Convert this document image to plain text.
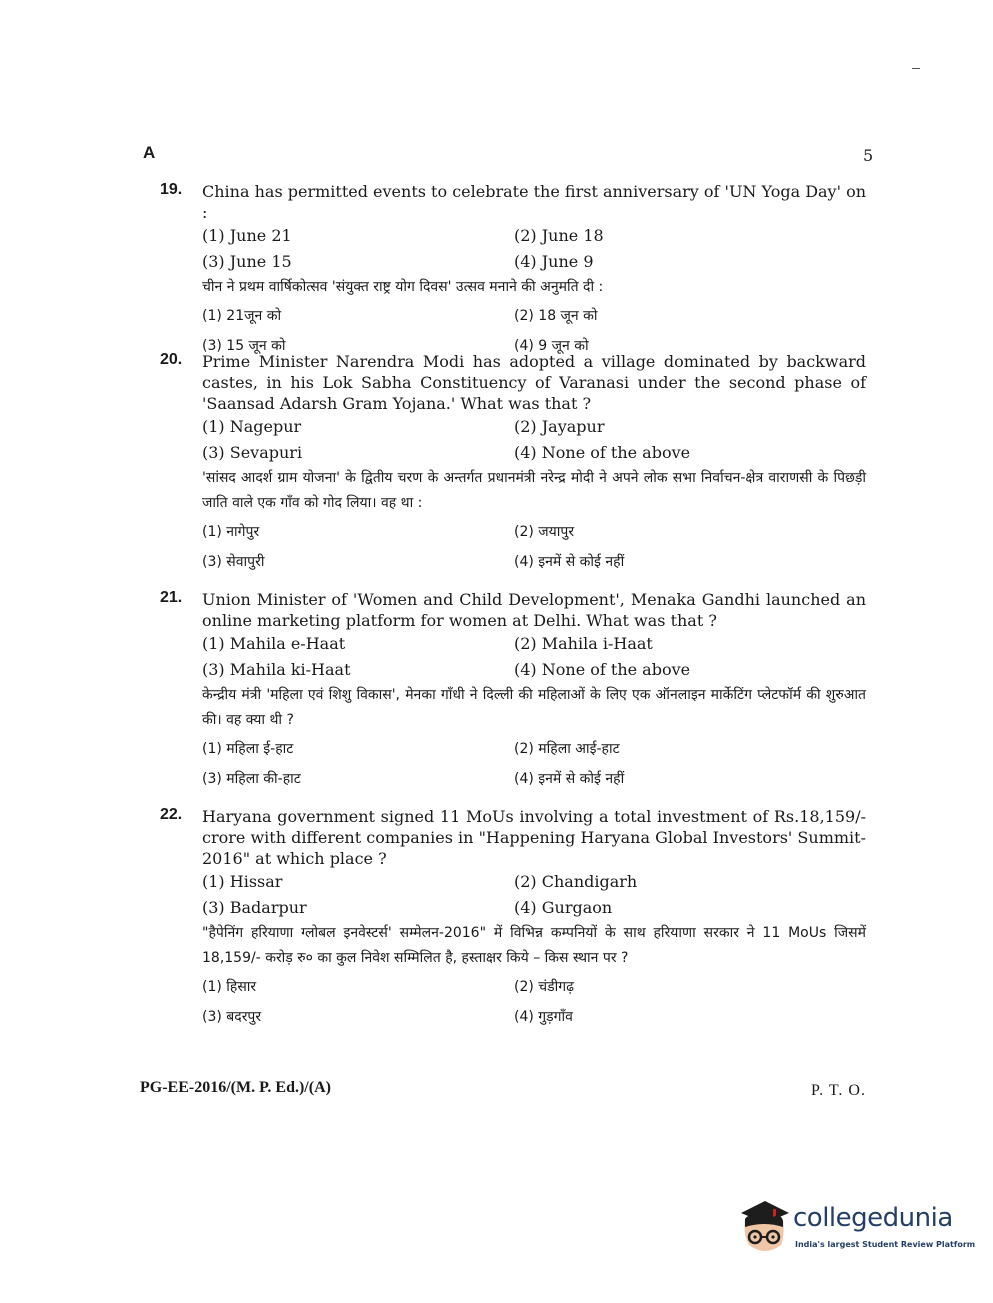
A	5
19. China has permitted events to celebrate the first anniversary of 'UN Yoga Day' on :
(1) June 21	(2) June 18
(3) June 15	(4) June 9
चीन ने प्रथम वार्षिकोत्सव 'संयुक्त राष्ट्र योग दिवस' उत्सव मनाने की अनुमति दी :
(1) 21जून को	(2) 18 जून को
(3) 15 जून को	(4) 9 जून को
20. Prime Minister Narendra Modi has adopted a village dominated by backward castes, in his Lok Sabha Constituency of Varanasi under the second phase of 'Saansad Adarsh Gram Yojana.' What was that ?
(1) Nagepur	(2) Jayapur
(3) Sevapuri	(4) None of the above
'सांसद आदर्श ग्राम योजना' के द्वितीय चरण के अन्तर्गत प्रधानमंत्री नरेन्द्र मोदी ने अपने लोक सभा निर्वाचन-क्षेत्र वाराणसी के पिछड़ी जाति वाले एक गाँव को गोद लिया। वह था :
(1) नागेपुर	(2) जयापुर
(3) सेवापुरी	(4) इनमें से कोई नहीं
21. Union Minister of 'Women and Child Development', Menaka Gandhi launched an online marketing platform for women at Delhi. What was that ?
(1) Mahila e-Haat	(2) Mahila i-Haat
(3) Mahila ki-Haat	(4) None of the above
केन्द्रीय मंत्री 'महिला एवं शिशु विकास', मेनका गाँधी ने दिल्ली की महिलाओं के लिए एक ऑनलाइन मार्केटिंग प्लेटफॉर्म की शुरुआत की। वह क्या थी ?
(1) महिला ई-हाट	(2) महिला आई-हाट
(3) महिला की-हाट	(4) इनमें से कोई नहीं
22. Haryana government signed 11 MoUs involving a total investment of Rs.18,159/- crore with different companies in "Happening Haryana Global Investors' Summit-2016" at which place ?
(1) Hissar	(2) Chandigarh
(3) Badarpur	(4) Gurgaon
"हैपेनिंग हरियाणा ग्लोबल इनवेस्टर्स' सम्मेलन-2016" में विभिन्न कम्पनियों के साथ हरियाणा सरकार ने 11 MoUs जिसमें 18,159/- करोड़ रु० का कुल निवेश सम्मिलित है, हस्ताक्षर किये – किस स्थान पर ?
(1) हिसार	(2) चंडीगढ़
(3) बदरपुर	(4) गुड़गाँव
PG-EE-2016/(M. P. Ed.)/(A)	P. T. O.
collegedunia
India's largest Student Review Platform
